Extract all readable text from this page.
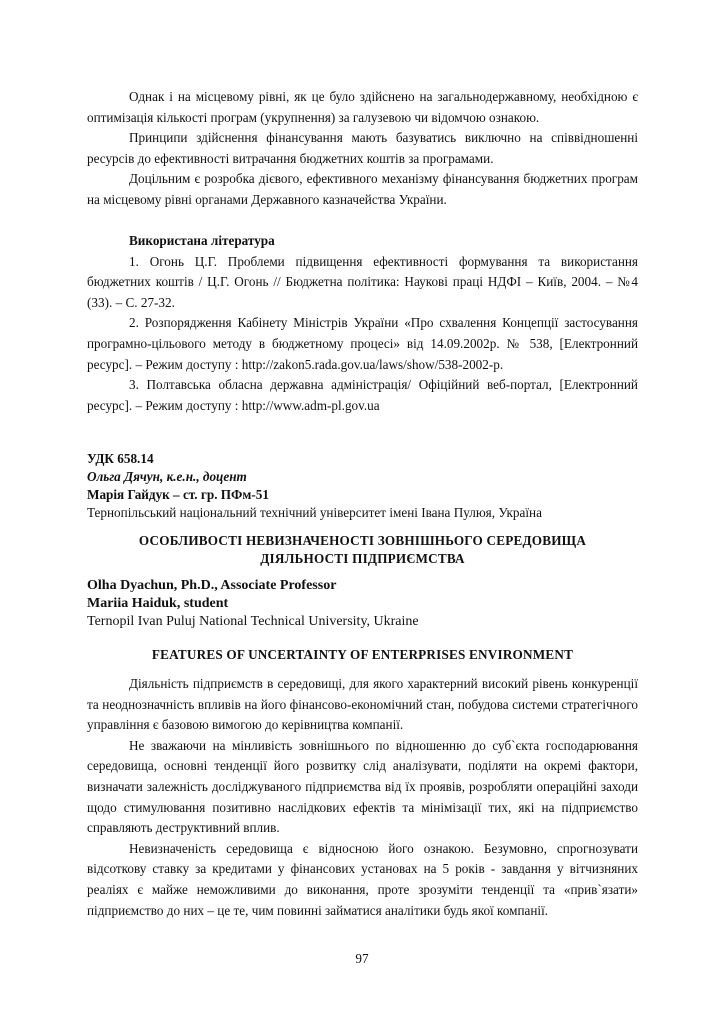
Однак і на місцевому рівні, як це було здійснено на загальнодержавному, необхідною є оптимізація кількості програм (укрупнення) за галузевою чи відомчою ознакою.

Принципи здійснення фінансування мають базуватись виключно на співвідношенні ресурсів до ефективності витрачання бюджетних коштів за програмами.

Доцільним є розробка дієвого, ефективного механізму фінансування бюджетних програм на місцевому рівні органами Державного казначейства України.

Використана література

1. Огонь Ц.Г. Проблеми підвищення ефективності формування та використання бюджетних коштів / Ц.Г. Огонь // Бюджетна політика: Наукові праці НДФІ – Київ, 2004. – №4 (33). – С. 27-32.

2. Розпорядження Кабінету Міністрів України «Про схвалення Концепції застосування програмно-цільового методу в бюджетному процесі» від 14.09.2002р. № 538, [Електронний ресурс]. – Режим доступу : http://zakon5.rada.gov.ua/laws/show/538-2002-р.

3. Полтавська обласна державна адміністрація/ Офіційний веб-портал, [Електронний ресурс]. – Режим доступу : http://www.adm-pl.gov.ua

УДК 658.14

Ольга Дячун, к.е.н., доцент

Марія Гайдук – ст. гр. ПФм-51

Тернопільський національний технічний університет імені Івана Пулюя, Україна

ОСОБЛИВОСТІ НЕВИЗНАЧЕНОСТІ ЗОВНІШНЬОГО СЕРЕДОВИЩА

ДІЯЛЬНОСТІ ПІДПРИЄМСТВА

Olha Dyachun, Ph.D., Associate Professor

Mariia Haiduk, student

Ternopil Ivan Puluj National Technical University, Ukraine

FEATURES OF UNCERTAINTY OF ENTERPRISES ENVIRONMENT

Діяльність підприємств в середовищі, для якого характерний високий рівень конкуренції та неоднозначність впливів на його фінансово-економічний стан, побудова системи стратегічного управління є базовою вимогою до керівництва компанії.

Не зважаючи на мінливість зовнішнього по відношенню до суб`єкта господарювання середовища, основні тенденції його розвитку слід аналізувати, поділяти на окремі фактори, визначати залежність досліджуваного підприємства від їх проявів, розробляти операційні заходи щодо стимулювання позитивно наслідкових ефектів та мінімізації тих, які на підприємство справляють деструктивний вплив.

Невизначеність середовища є відносною його ознакою. Безумовно, спрогнозувати відсоткову ставку за кредитами у фінансових установах на 5 років - завдання у вітчизняних реаліях є майже неможливими до виконання, проте зрозуміти тенденції та «прив`язати» підприємство до них – це те, чим повинні займатися аналітики будь якої компанії.

97
